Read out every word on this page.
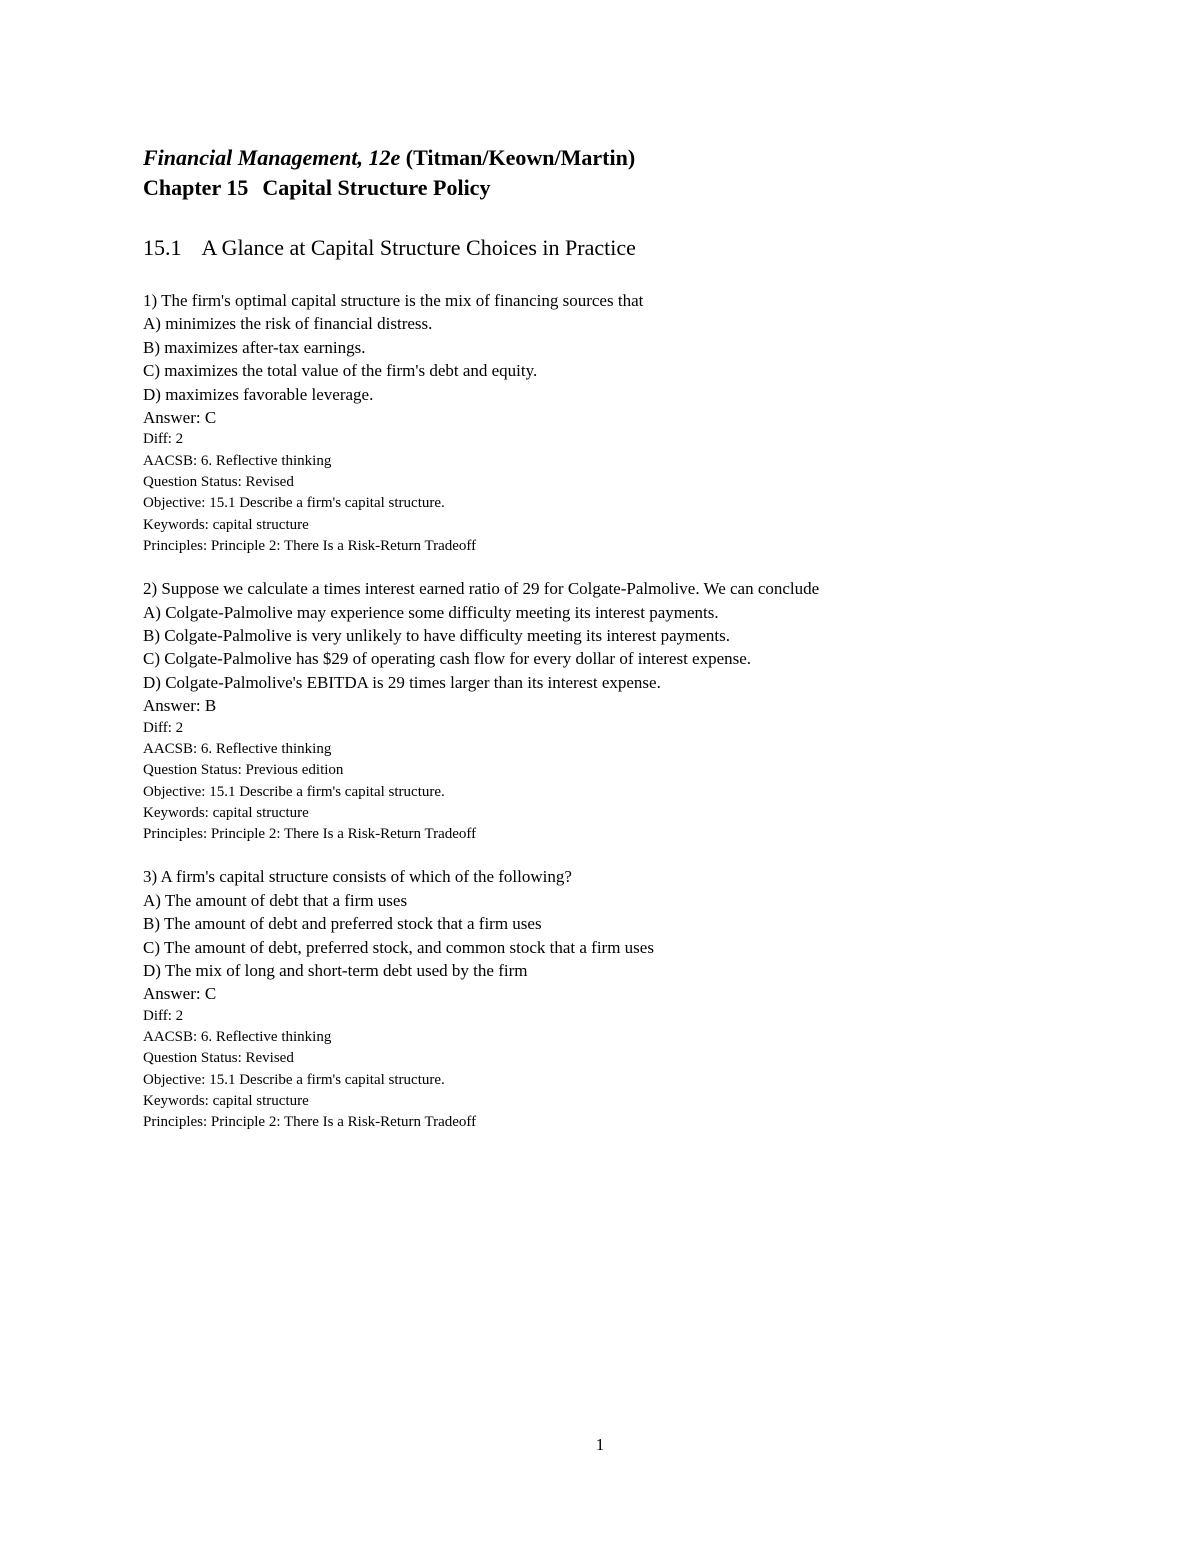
Financial Management, 12e (Titman/Keown/Martin)
Chapter 15 Capital Structure Policy
15.1 A Glance at Capital Structure Choices in Practice
1) The firm's optimal capital structure is the mix of financing sources that
A) minimizes the risk of financial distress.
B) maximizes after-tax earnings.
C) maximizes the total value of the firm's debt and equity.
D) maximizes favorable leverage.
Answer: C
Diff: 2
AACSB: 6. Reflective thinking
Question Status: Revised
Objective: 15.1 Describe a firm's capital structure.
Keywords: capital structure
Principles: Principle 2: There Is a Risk-Return Tradeoff
2) Suppose we calculate a times interest earned ratio of 29 for Colgate-Palmolive. We can conclude
A) Colgate-Palmolive may experience some difficulty meeting its interest payments.
B) Colgate-Palmolive is very unlikely to have difficulty meeting its interest payments.
C) Colgate-Palmolive has $29 of operating cash flow for every dollar of interest expense.
D) Colgate-Palmolive's EBITDA is 29 times larger than its interest expense.
Answer: B
Diff: 2
AACSB: 6. Reflective thinking
Question Status: Previous edition
Objective: 15.1 Describe a firm's capital structure.
Keywords: capital structure
Principles: Principle 2: There Is a Risk-Return Tradeoff
3) A firm's capital structure consists of which of the following?
A) The amount of debt that a firm uses
B) The amount of debt and preferred stock that a firm uses
C) The amount of debt, preferred stock, and common stock that a firm uses
D) The mix of long and short-term debt used by the firm
Answer: C
Diff: 2
AACSB: 6. Reflective thinking
Question Status: Revised
Objective: 15.1 Describe a firm's capital structure.
Keywords: capital structure
Principles: Principle 2: There Is a Risk-Return Tradeoff
1
